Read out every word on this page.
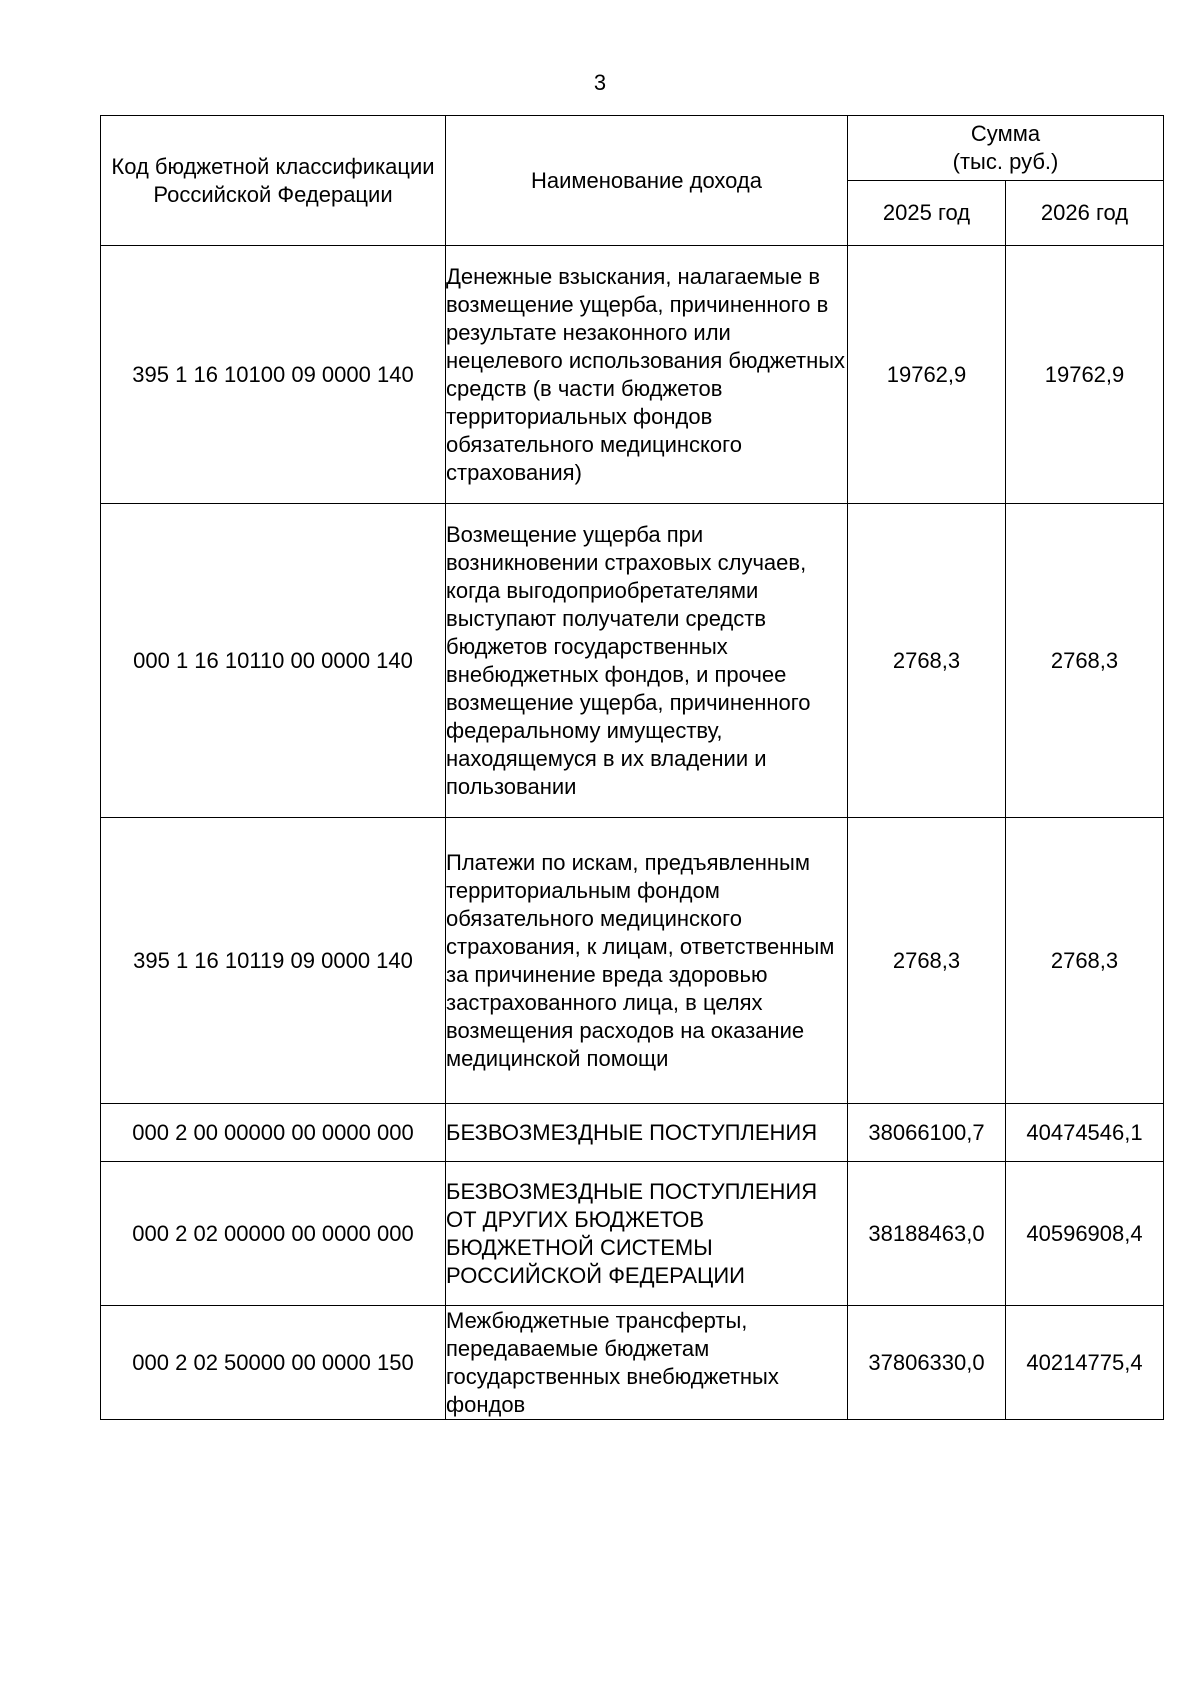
3
Код бюджетной классификации Российской Федерации	Наименование дохода	Сумма
(тыс. руб.)	

		2025 год	2026 год
395 1 16 10100 09 0000 140	Денежные взыскания, налагаемые в возмещение ущерба, причиненного в результате незаконного или нецелевого использования бюджетных средств (в части бюджетов территориальных фондов обязательного медицинского страхования)	19762,9	19762,9
000 1 16 10110 00 0000 140	Возмещение ущерба при возникновении страховых случаев, когда выгодоприобретателями выступают получатели средств бюджетов государственных внебюджетных фондов, и прочее возмещение ущерба, причиненного федеральному имуществу, находящемуся в их владении и пользовании	2768,3	2768,3
395 1 16 10119 09 0000 140	Платежи по искам, предъявленным территориальным фондом обязательного медицинского страхования, к лицам, ответственным за причинение вреда здоровью застрахованного лица, в целях возмещения расходов на оказание медицинской помощи	2768,3	2768,3
000 2 00 00000 00 0000 000	БЕЗВОЗМЕЗДНЫЕ ПОСТУПЛЕНИЯ	38066100,7	40474546,1
000 2 02 00000 00 0000 000	БЕЗВОЗМЕЗДНЫЕ ПОСТУПЛЕНИЯ ОТ ДРУГИХ БЮДЖЕТОВ БЮДЖЕТНОЙ СИСТЕМЫ РОССИЙСКОЙ ФЕДЕРАЦИИ	38188463,0	40596908,4
000 2 02 50000 00 0000 150	Межбюджетные трансферты, передаваемые бюджетам государственных внебюджетных фондов	37806330,0	40214775,4
